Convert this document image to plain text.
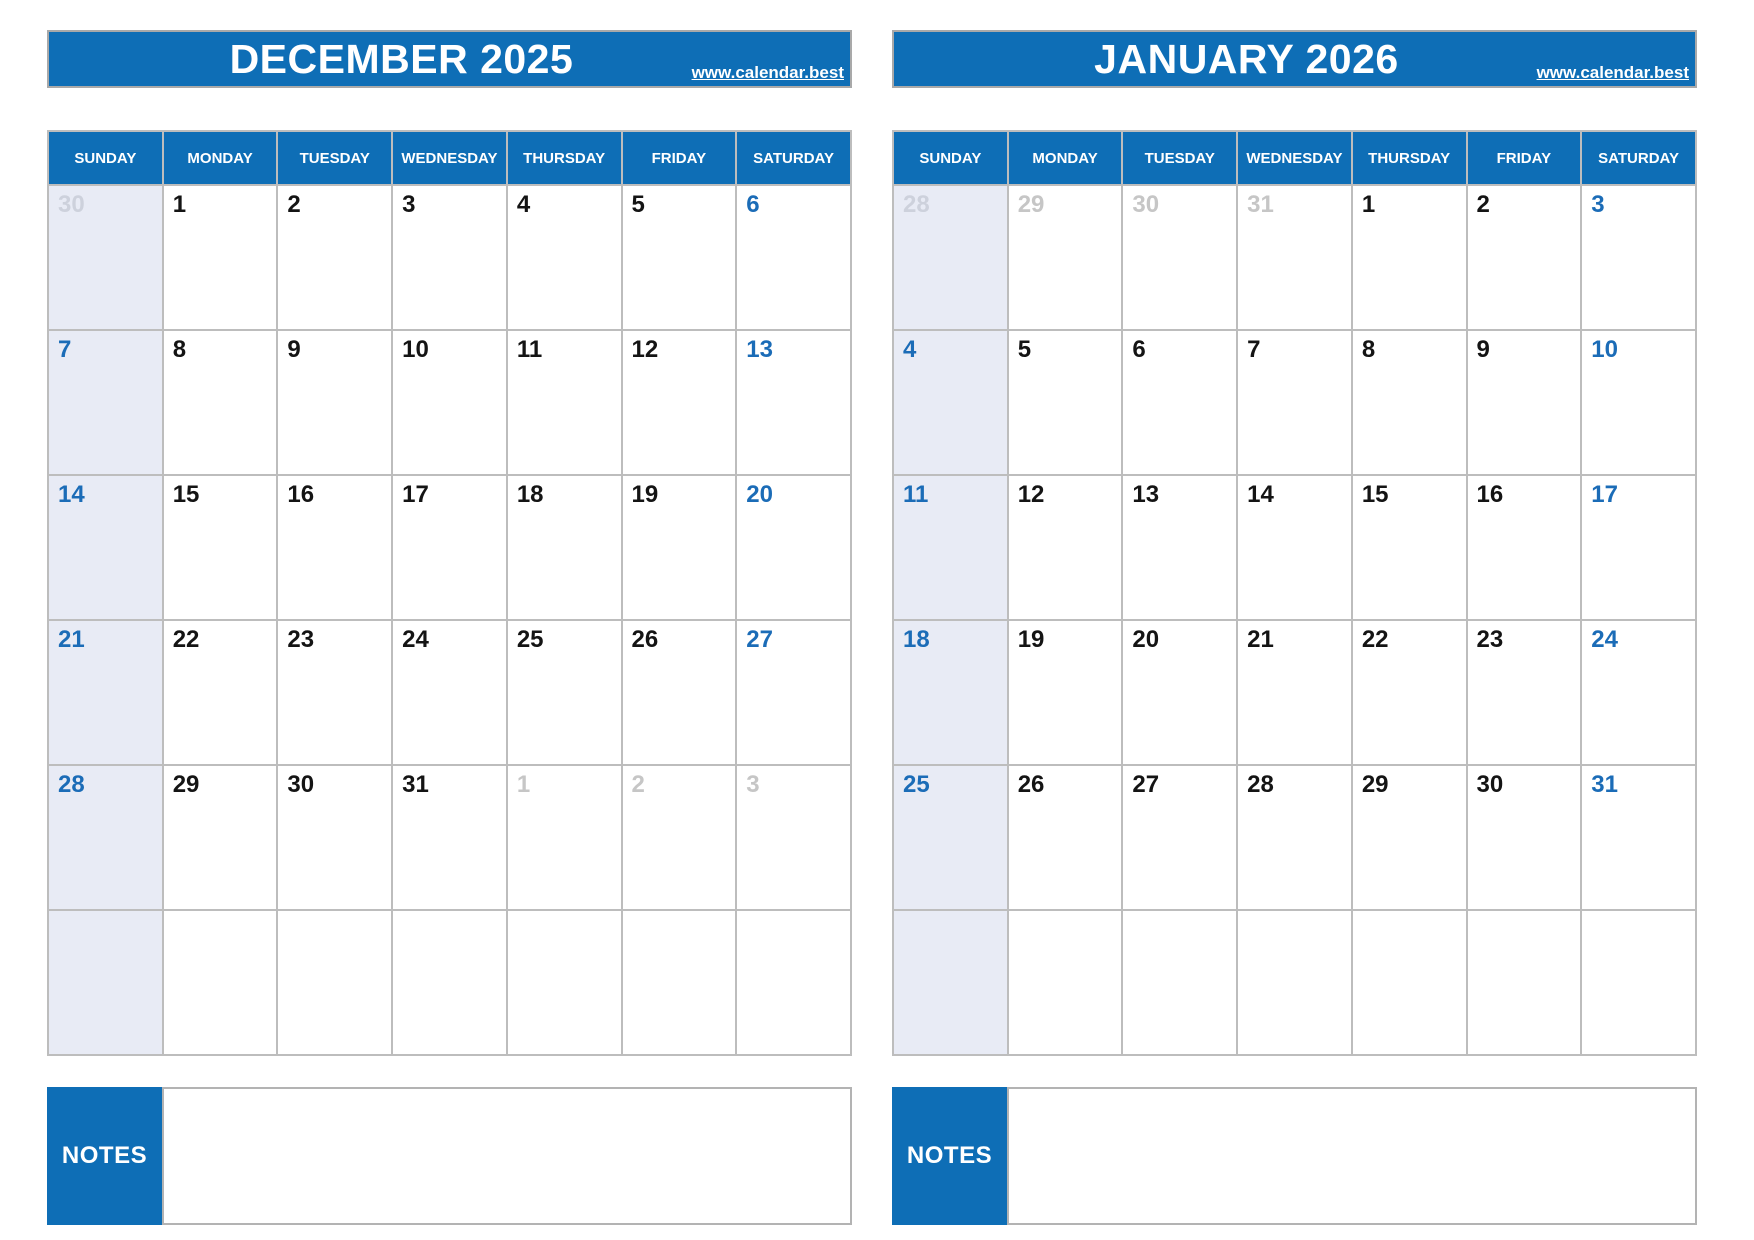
DECEMBER 2025	www.calendar.best
SUNDAY	MONDAY	TUESDAY	WEDNESDAY	THURSDAY	FRIDAY	SATURDAY
30	1	2	3	4	5	6
7	8	9	10	11	12	13
14	15	16	17	18	19	20
21	22	23	24	25	26	27
28	29	30	31	1	2	3

NOTES
JANUARY 2026	www.calendar.best
SUNDAY	MONDAY	TUESDAY	WEDNESDAY	THURSDAY	FRIDAY	SATURDAY
28	29	30	31	1	2	3
4	5	6	7	8	9	10
11	12	13	14	15	16	17
18	19	20	21	22	23	24
25	26	27	28	29	30	31

NOTES
